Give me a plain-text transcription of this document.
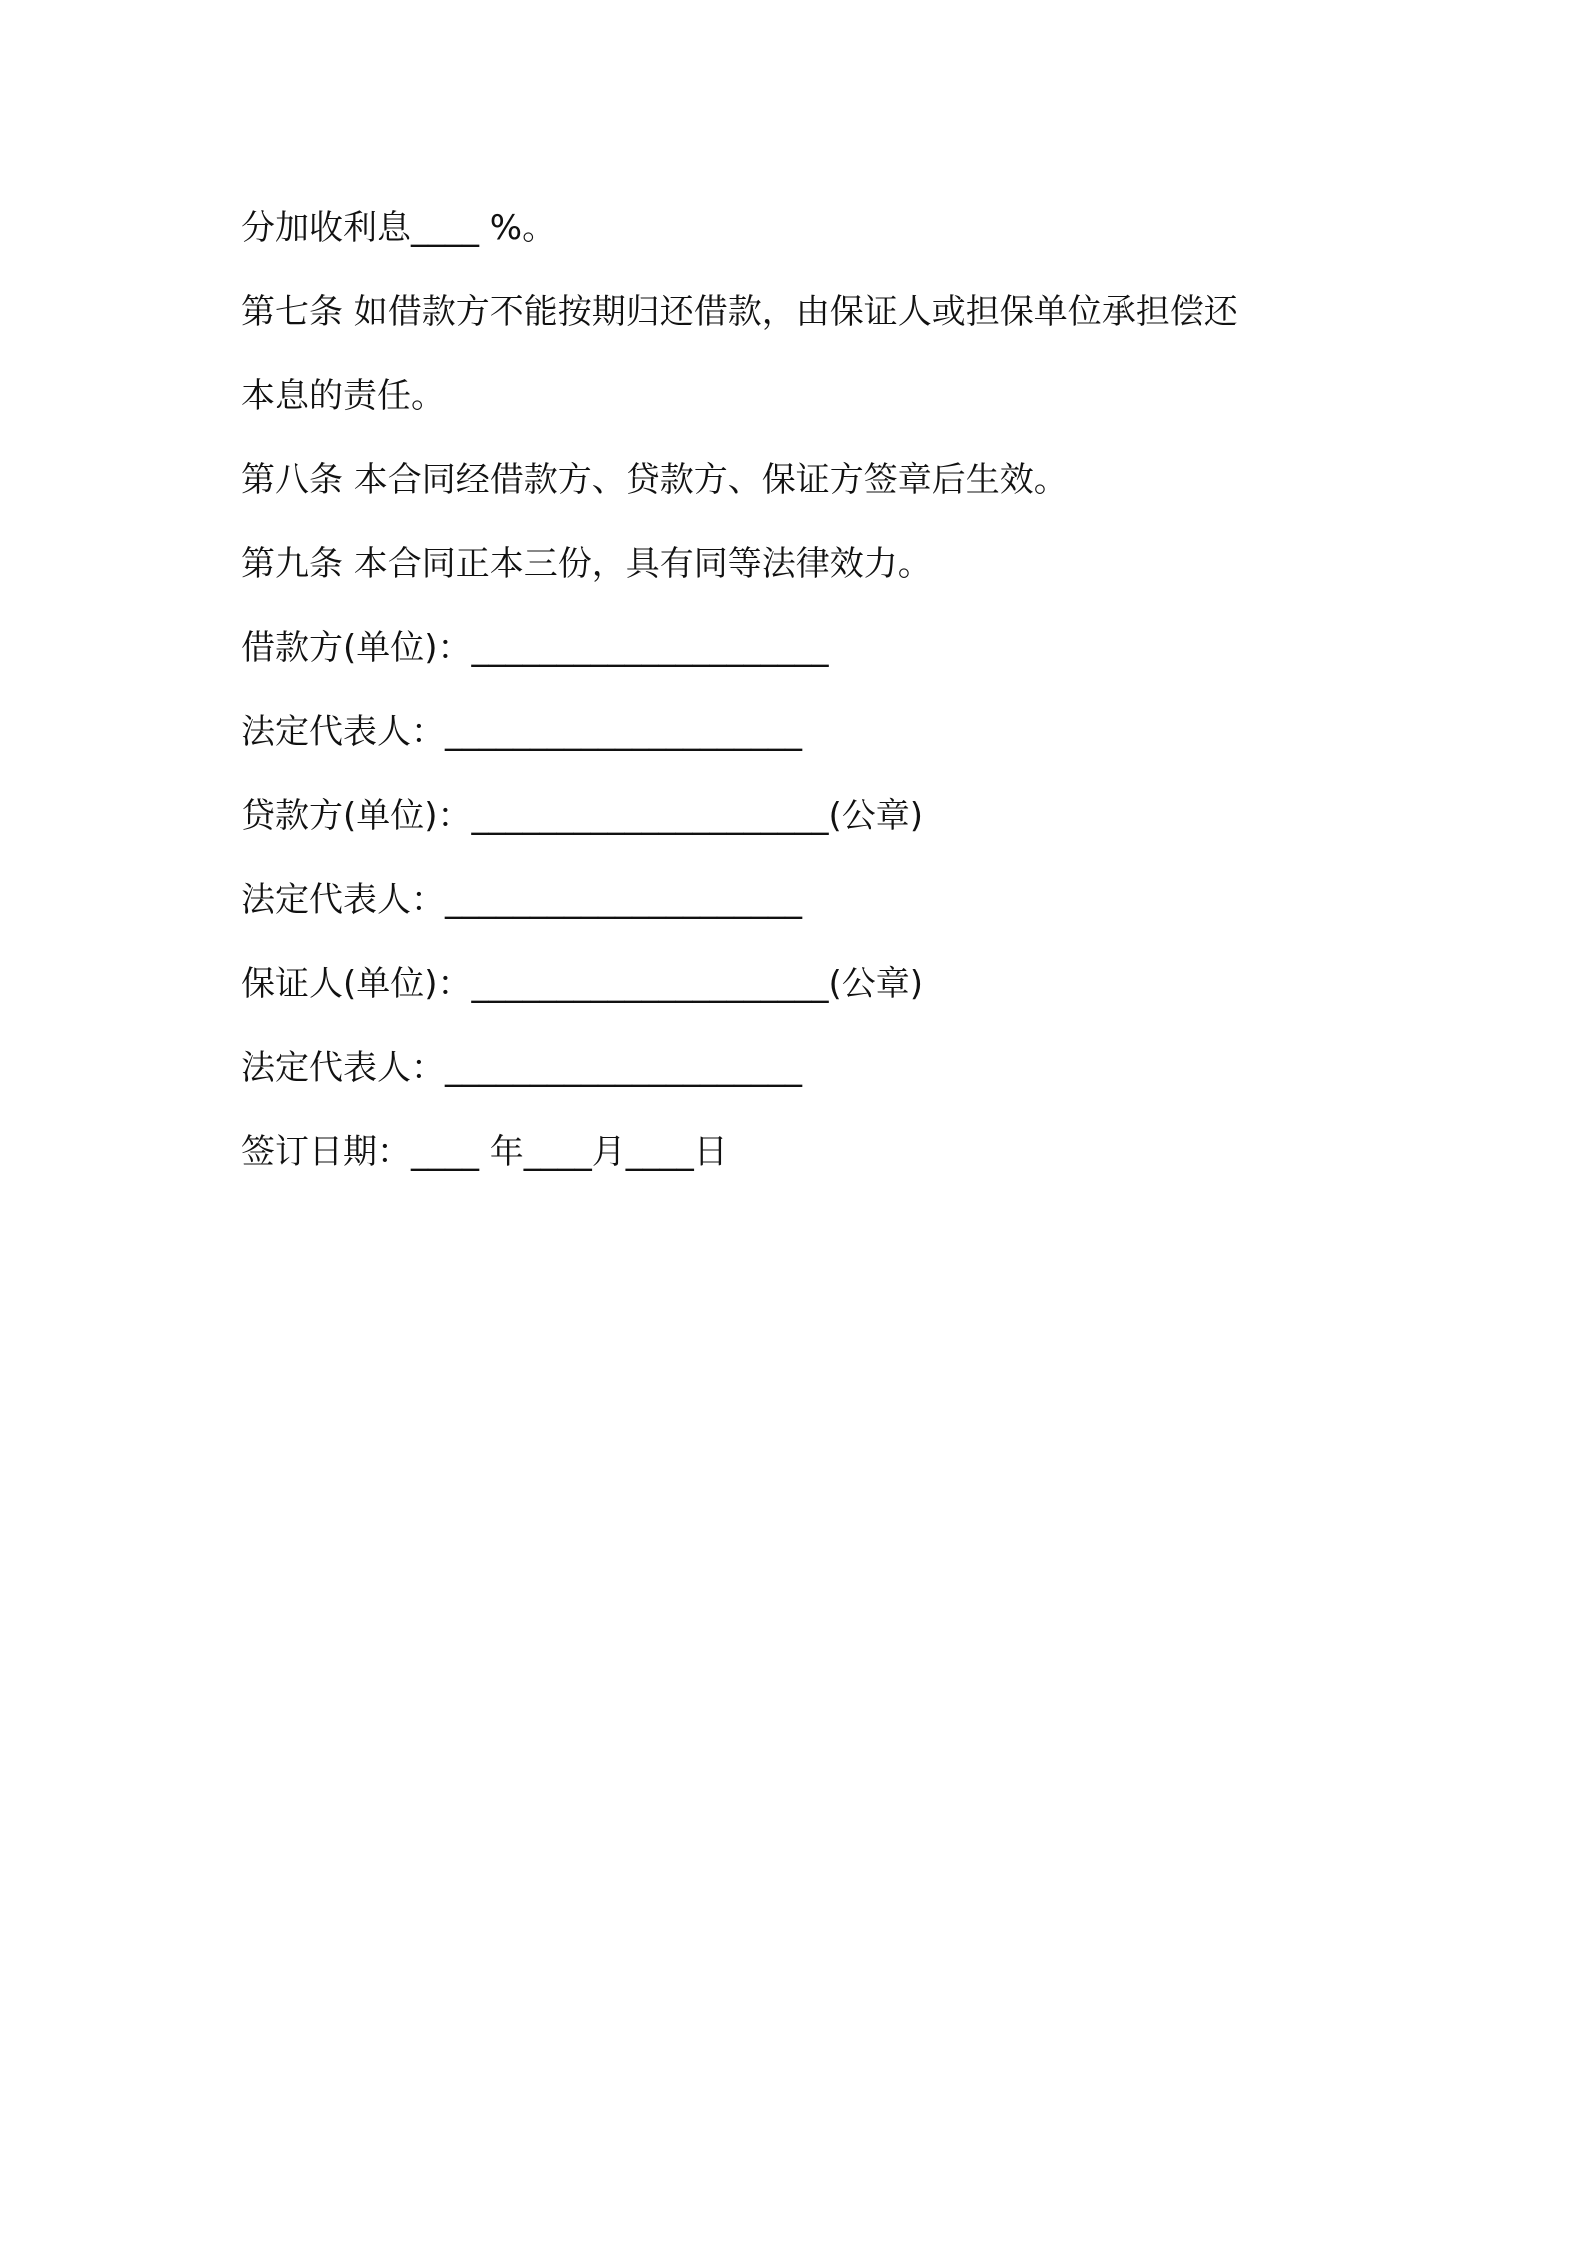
分加收利息____ %。
第七条 如借款方不能按期归还借款，由保证人或担保单位承担偿还
本息的责任。
第八条 本合同经借款方、贷款方、保证方签章后生效。
第九条 本合同正本三份，具有同等法律效力。
借款方(单位)：_____________________
法定代表人：_____________________
贷款方(单位)：_____________________(公章)
法定代表人：_____________________
保证人(单位)：_____________________(公章)
法定代表人：_____________________
签订日期：____ 年____月____日
